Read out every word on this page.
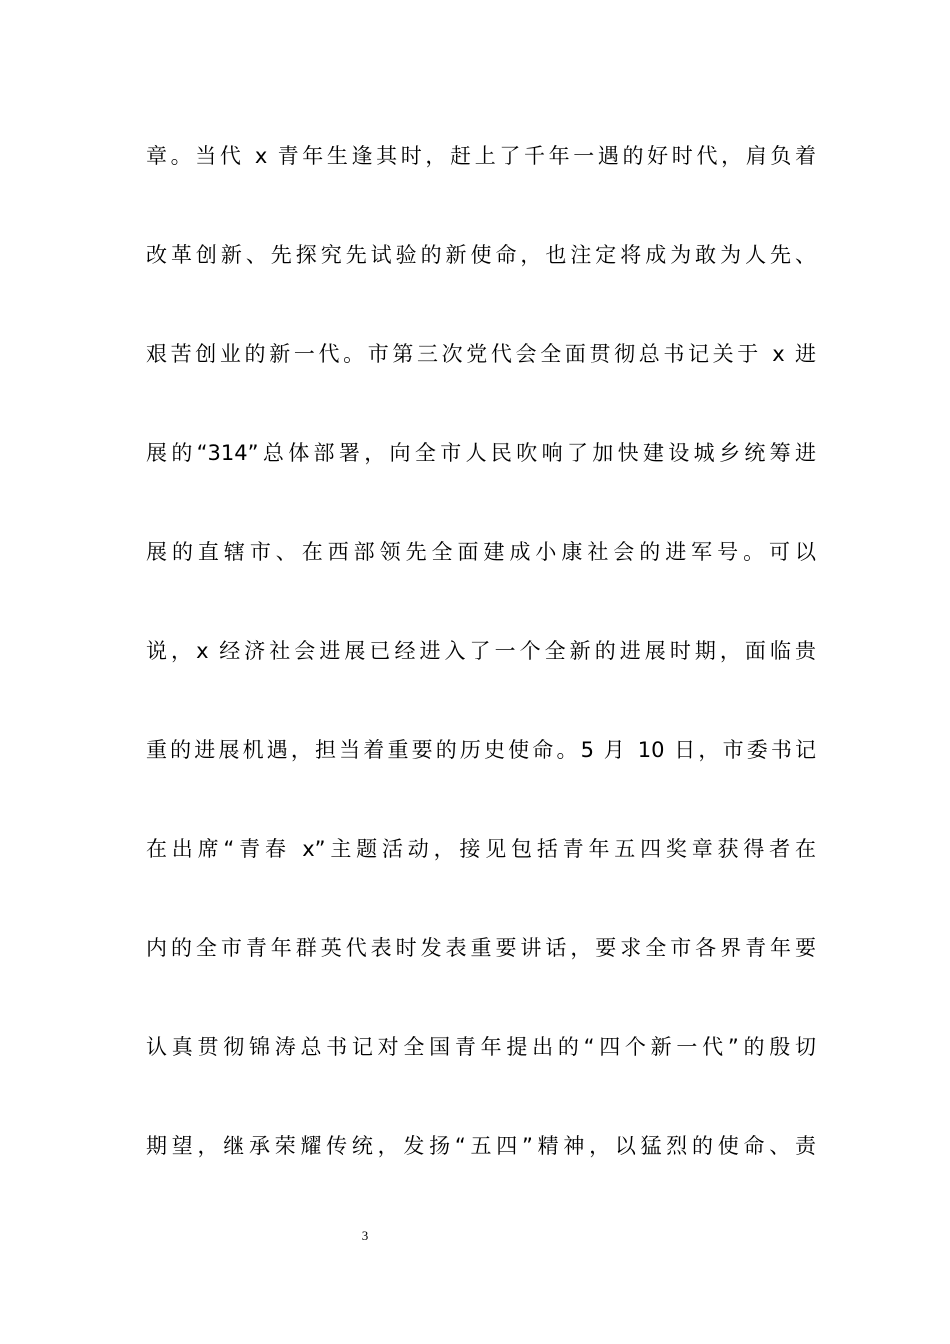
章。当代 x 青年生逢其时，赶上了千年一遇的好时代，肩负着
改革创新、先探究先试验的新使命，也注定将成为敢为人先、
艰苦创业的新一代。市第三次党代会全面贯彻总书记关于 x 进
展的“314”总体部署，向全市人民吹响了加快建设城乡统筹进
展的直辖市、在西部领先全面建成小康社会的进军号。可以
说，x 经济社会进展已经进入了一个全新的进展时期，面临贵
重的进展机遇，担当着重要的历史使命。5 月 10 日，市委书记
在出席“青春 x”主题活动，接见包括青年五四奖章获得者在
内的全市青年群英代表时发表重要讲话，要求全市各界青年要
认真贯彻锦涛总书记对全国青年提出的“四个新一代”的殷切
期望，继承荣耀传统，发扬“五四”精神，以猛烈的使命、责
3
